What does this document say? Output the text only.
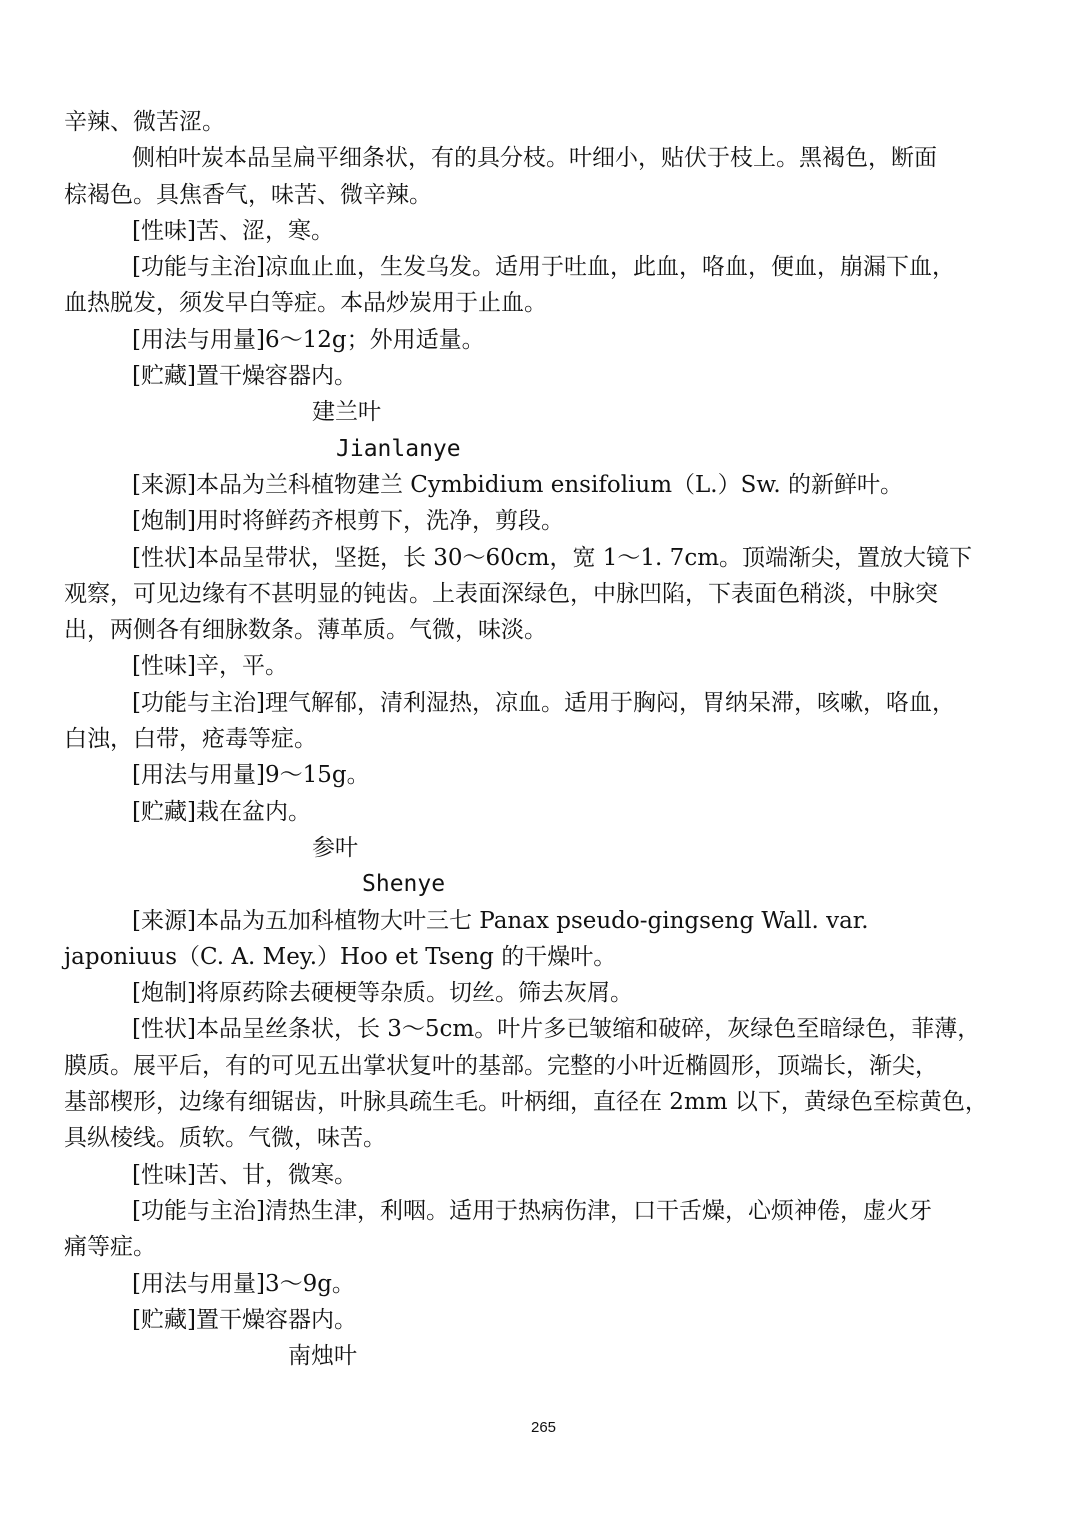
辛辣、微苦涩。
侧柏叶炭本品呈扁平细条状，有的具分枝。叶细小，贴伏于枝上。黑褐色，断面
棕褐色。具焦香气，味苦、微辛辣。
[性味]苦、涩，寒。
[功能与主治]凉血止血，生发乌发。适用于吐血，此血，咯血，便血，崩漏下血，
血热脱发，须发早白等症。本品炒炭用于止血。
[用法与用量]6～12g；外用适量。
[贮藏]置干燥容器内。
建兰叶
Jianlanye
[来源]本品为兰科植物建兰 Cymbidium ensifolium（L.）Sw. 的新鲜叶。
[炮制]用时将鲜药齐根剪下，洗净，剪段。
[性状]本品呈带状，坚挺，长 30～60cm，宽 1～1. 7cm。顶端渐尖，置放大镜下
观察，可见边缘有不甚明显的钝齿。上表面深绿色，中脉凹陷，下表面色稍淡，中脉突
出，两侧各有细脉数条。薄革质。气微，味淡。
[性味]辛，平。
[功能与主治]理气解郁，清利湿热，凉血。适用于胸闷，胃纳呆滞，咳嗽，咯血，
白浊，白带，疮毒等症。
[用法与用量]9～15g。
[贮藏]栽在盆内。
参叶
Shenye
[来源]本品为五加科植物大叶三七 Panax pseudo-gingseng Wall. var.
japoniuus（C. A. Mey.）Hoo et Tseng 的干燥叶。
[炮制]将原药除去硬梗等杂质。切丝。筛去灰屑。
[性状]本品呈丝条状，长 3～5cm。叶片多已皱缩和破碎，灰绿色至暗绿色，菲薄，
膜质。展平后，有的可见五出掌状复叶的基部。完整的小叶近椭圆形，顶端长，渐尖，
基部楔形，边缘有细锯齿，叶脉具疏生毛。叶柄细，直径在 2mm 以下，黄绿色至棕黄色，
具纵棱线。质软。气微，味苦。
[性味]苦、甘，微寒。
[功能与主治]清热生津，利咽。适用于热病伤津，口干舌燥，心烦神倦，虚火牙
痛等症。
[用法与用量]3～9g。
[贮藏]置干燥容器内。
南烛叶
265
